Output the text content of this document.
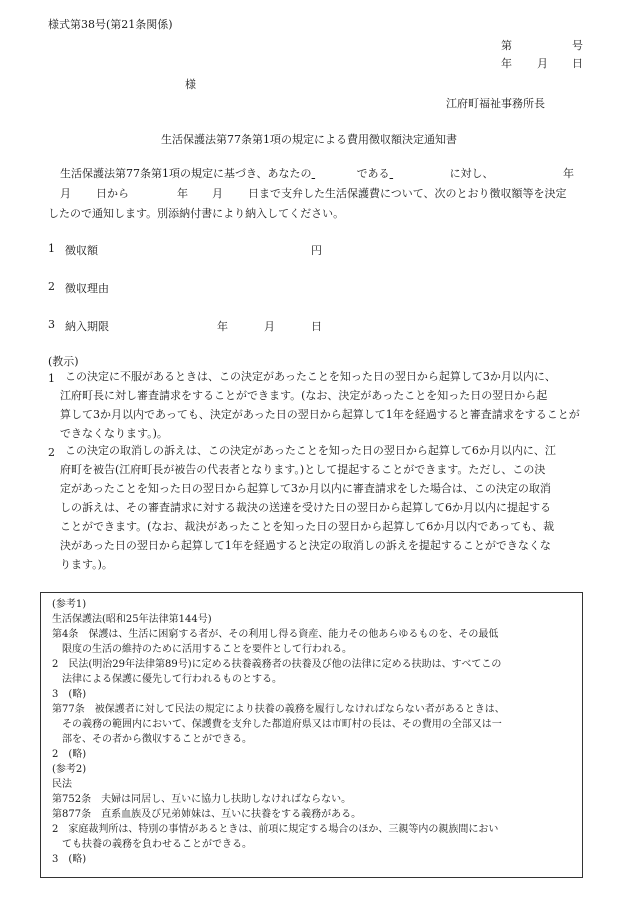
様式第38号(第21条関係)
第	号
年 月 日
様
江府町福祉事務所長
生活保護法第77条第1項の規定による費用徴収額決定通知書
生活保護法第77条第1項の規定に基づき、あなたの	である	に対し、	年
月 日から	年 月 日まで支弁した生活保護費について、次のとおり徴収額等を決定
したので通知します。別添納付書により納入してください。
1 徴収額	円
2 徴収理由
3 納入期限	年	月	日
(教示)
1 この決定に不服があるときは、この決定があったことを知った日の翌日から起算して3か月以内に、
江府町長に対し審査請求をすることができます。(なお、決定があったことを知った日の翌日から起
算して3か月以内であっても、決定があった日の翌日から起算して1年を経過すると審査請求をすることが
できなくなります。)。
2 この決定の取消しの訴えは、この決定があったことを知った日の翌日から起算して6か月以内に、江
府町を被告(江府町長が被告の代表者となります。)として提起することができます。ただし、この決
定があったことを知った日の翌日から起算して3か月以内に審査請求をした場合は、この決定の取消
しの訴えは、その審査請求に対する裁決の送達を受けた日の翌日から起算して6か月以内に提起する
ことができます。(なお、裁決があったことを知った日の翌日から起算して6か月以内であっても、裁
決があった日の翌日から起算して1年を経過すると決定の取消しの訴えを提起することができなくな
ります。)。
(参考1)
生活保護法(昭和25年法律第144号)
第4条　保護は、生活に困窮する者が、その利用し得る資産、能力その他あらゆるものを、その最低
　限度の生活の維持のために活用することを要件として行われる。
2　民法(明治29年法律第89号)に定める扶養義務者の扶養及び他の法律に定める扶助は、すべてこの
　法律による保護に優先して行われるものとする。
3　(略)
第77条　被保護者に対して民法の規定により扶養の義務を履行しなければならない者があるときは、
　その義務の範囲内において、保護費を支弁した都道府県又は市町村の長は、その費用の全部又は一
　部を、その者から徴収することができる。
2　(略)
(参考2)
民法
第752条　夫婦は同居し、互いに協力し扶助しなければならない。
第877条　直系血族及び兄弟姉妹は、互いに扶養をする義務がある。
2　家庭裁判所は、特別の事情があるときは、前項に規定する場合のほか、三親等内の親族間におい
　ても扶養の義務を負わせることができる。
3　(略)
